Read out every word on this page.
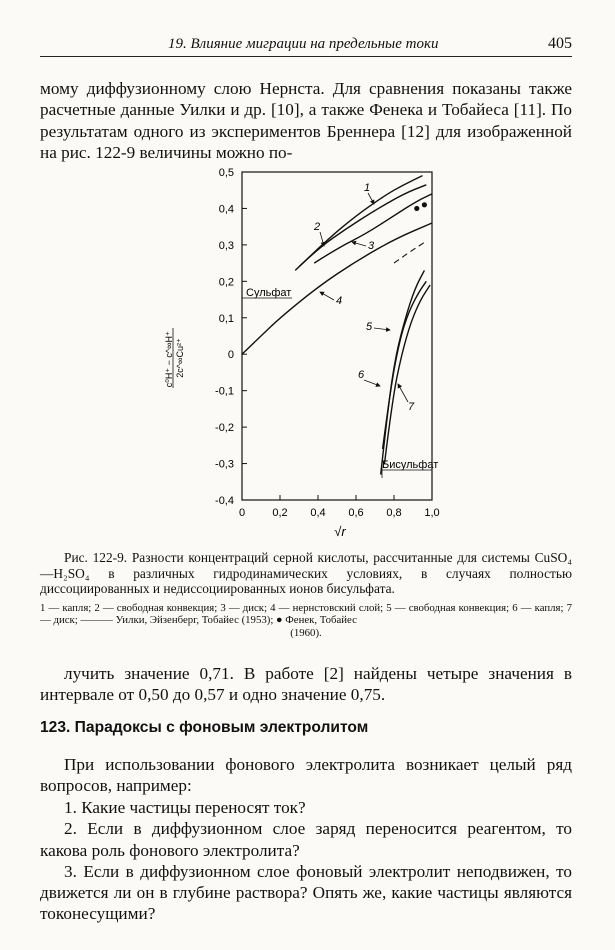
19. Влияние миграции на предельные токи	405

мому диффузионному слою Нернста. Для сравнения показаны также расчетные данные Уилки и др. [10], а также Фенека и Тобайеса [11]. По результатам одного из экспериментов Бреннера [12] для изображенной на рис. 122-9 величины можно по-

0,5
0,4
0,3
0,2
0,1
0
-0,1
-0,2
-0,3
-0,4
0 0,2 0,4 0,6 0,8 1,0
c⁰H⁺ − c^∞H⁺ 2c^∞Cu²⁺
√r
Сульфат
Бисульфат
1
2
3
4
5
6
7

Рис. 122-9. Разности концентраций серной кислоты, рассчитанные для системы CuSO₄—H₂SO₄ в различных гидродинамических условиях, в случаях полностью диссоциированных и недиссоциированных ионов бисульфата.

1 — капля; 2 — свободная конвекция; 3 — диск; 4 — нернстовский слой; 5 — свободная конвекция; 6 — капля; 7 — диск; ——— Уилки, Эйзенберг, Тобайес (1953); ● Фенек, Тобайес
(1960).

лучить значение 0,71. В работе [2] найдены четыре значения в интервале от 0,50 до 0,57 и одно значение 0,75.

123. Парадоксы с фоновым электролитом

При использовании фонового электролита возникает целый ряд вопросов, например:

1. Какие частицы переносят ток?
2. Если в диффузионном слое заряд переносится реагентом, то какова роль фонового электролита?
3. Если в диффузионном слое фоновый электролит неподвижен, то движется ли он в глубине раствора? Опять же, какие частицы являются токонесущими?
